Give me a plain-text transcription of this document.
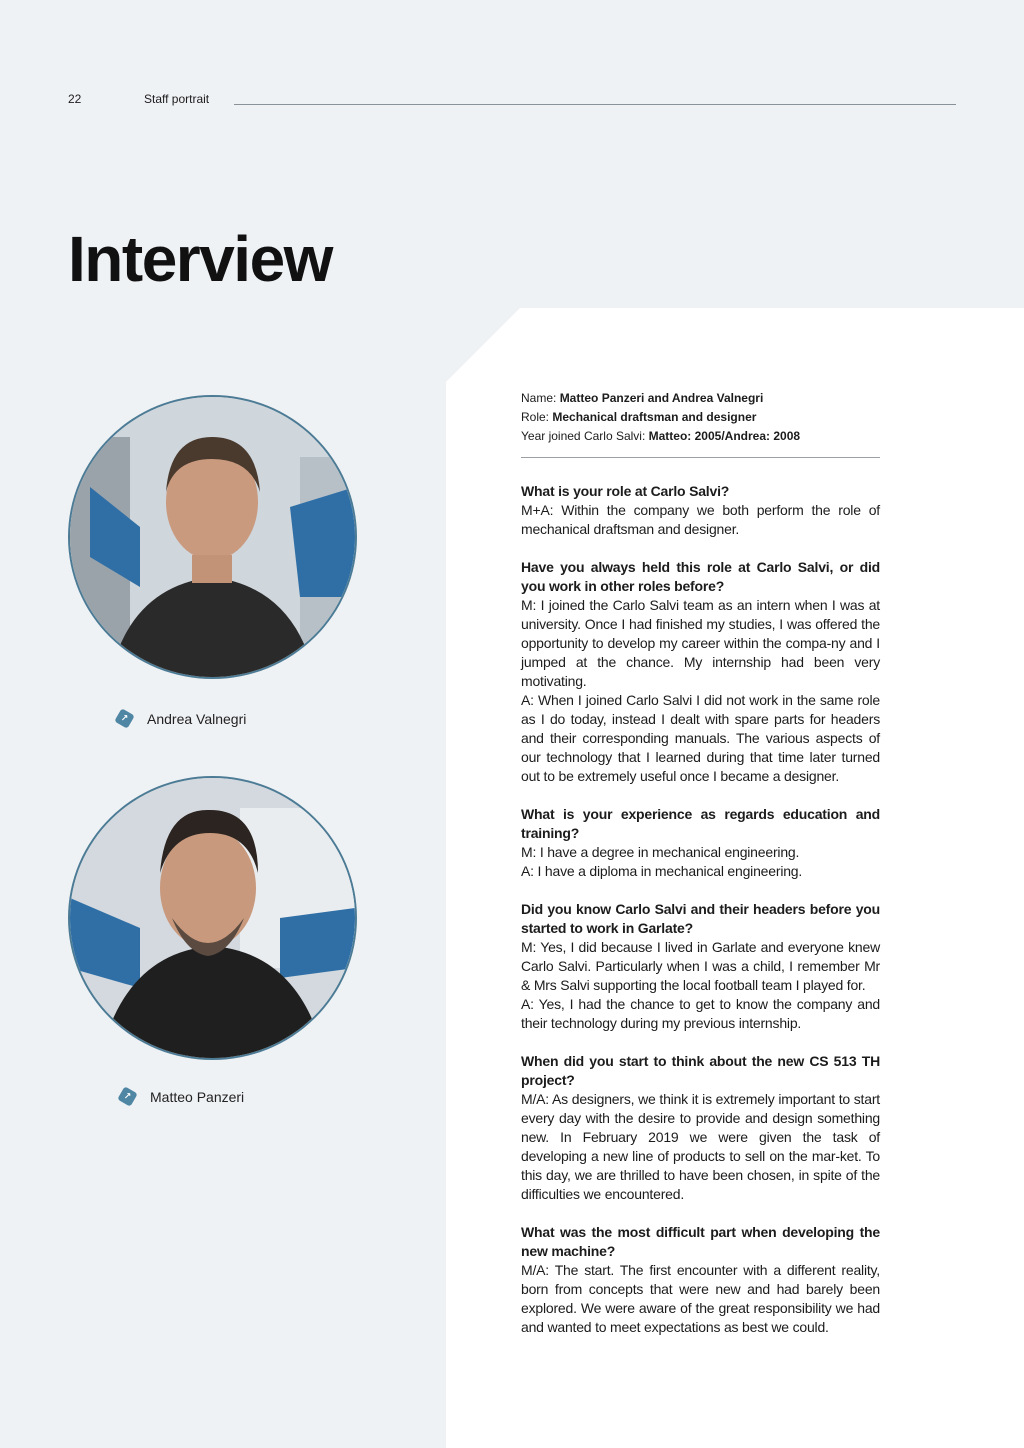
22	Staff portrait
Interview
↗ Andrea Valnegri
↗ Matteo Panzeri
Name: Matteo Panzeri and Andrea Valnegri
Role: Mechanical draftsman and designer
Year joined Carlo Salvi: Matteo: 2005/Andrea: 2008

What is your role at Carlo Salvi?

M+A: Within the company we both perform the role of mechanical draftsman and designer.

Have you always held this role at Carlo Salvi, or did you work in other roles before?

M: I joined the Carlo Salvi team as an intern when I was at university. Once I had finished my studies, I was offered the opportunity to develop my career within the compa-ny and I jumped at the chance. My internship had been very motivating.

A: When I joined Carlo Salvi I did not work in the same role as I do today, instead I dealt with spare parts for headers and their corresponding manuals. The various aspects of our technology that I learned during that time later turned out to be extremely useful once I became a designer.

What is your experience as regards education and training?

M: I have a degree in mechanical engineering.

A: I have a diploma in mechanical engineering.

Did you know Carlo Salvi and their headers before you started to work in Garlate?

M: Yes, I did because I lived in Garlate and everyone knew Carlo Salvi. Particularly when I was a child, I remember Mr & Mrs Salvi supporting the local football team I played for.

A: Yes, I had the chance to get to know the company and their technology during my previous internship.

When did you start to think about the new CS 513 TH project?

M/A: As designers, we think it is extremely important to start every day with the desire to provide and design something new. In February 2019 we were given the task of developing a new line of products to sell on the mar-ket. To this day, we are thrilled to have been chosen, in spite of the difficulties we encountered.

What was the most difficult part when developing the new machine?

M/A: The start. The first encounter with a different reality, born from concepts that were new and had barely been explored. We were aware of the great responsibility we had and wanted to meet expectations as best we could.
